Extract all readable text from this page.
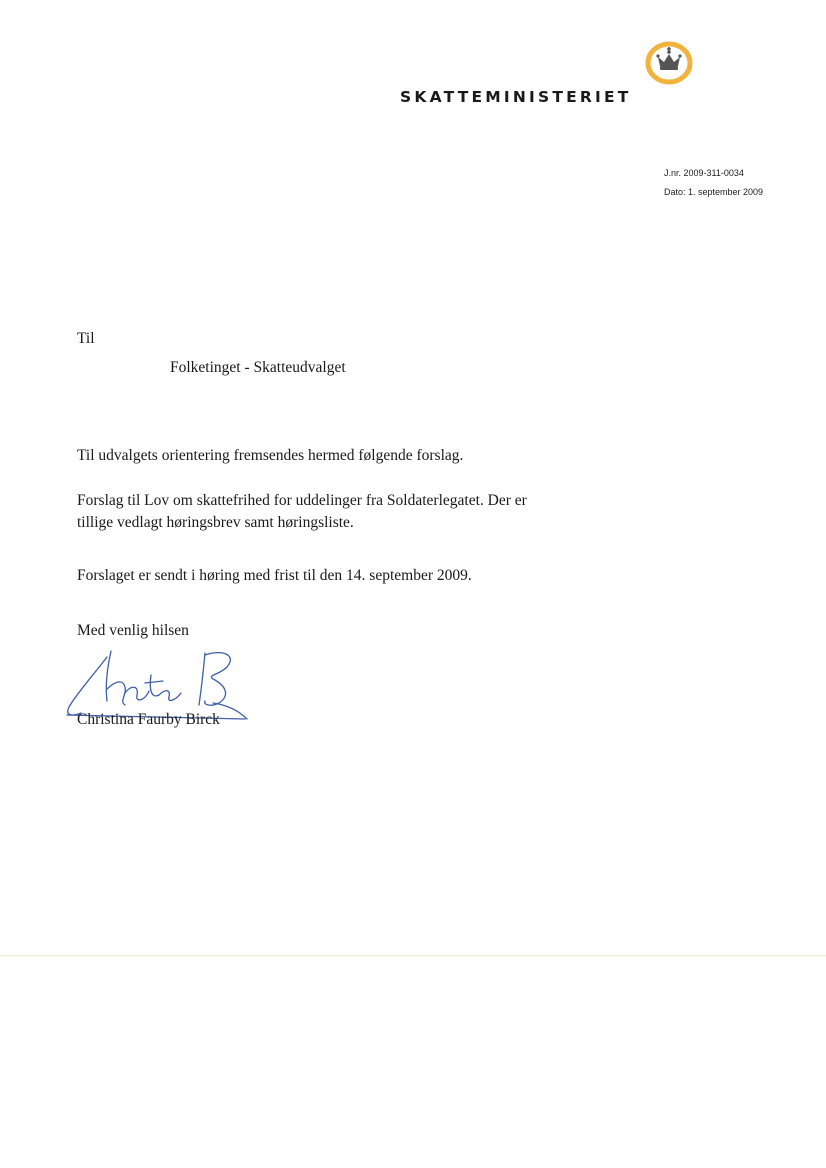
SKATTEMINISTERIET
J.nr. 2009-311-0034
Dato: 1. september 2009
Til
Folketinget - Skatteudvalget
Til udvalgets orientering fremsendes hermed følgende forslag.
Forslag til Lov om skattefrihed for uddelinger fra Soldaterlegatet. Der er
tillige vedlagt høringsbrev samt høringsliste.
Forslaget er sendt i høring med frist til den 14. september 2009.
Med venlig hilsen
Christina Faurby Birck
